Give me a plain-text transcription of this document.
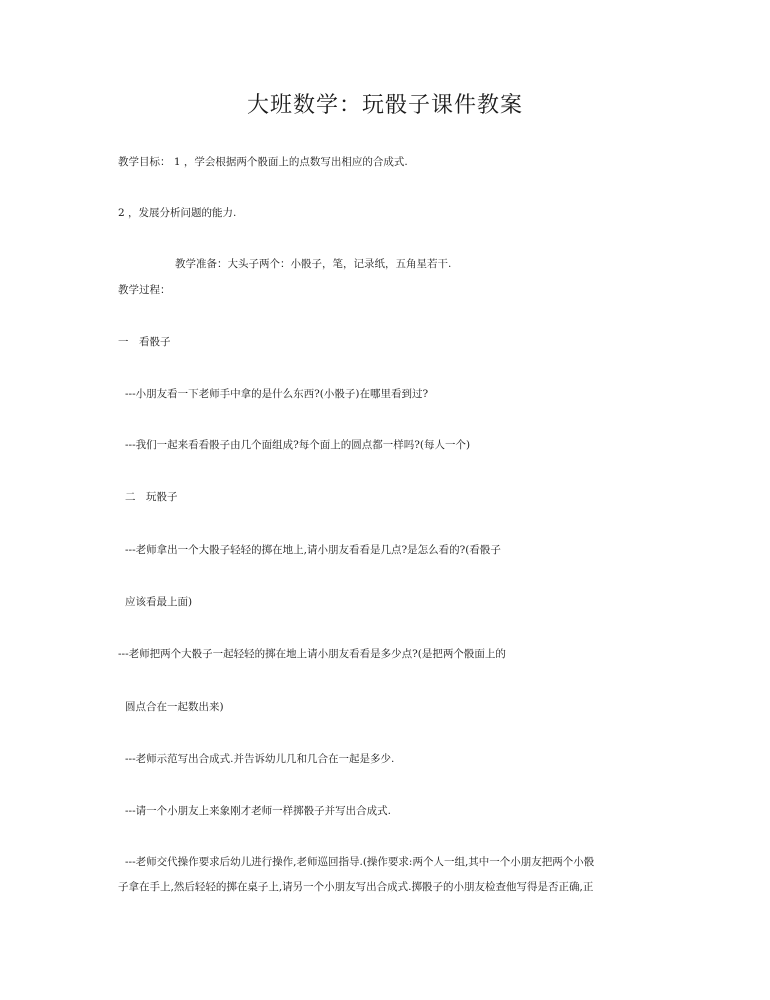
大班数学：玩骰子课件教案
教学目标： 1 ，学会根据两个骰面上的点数写出相应的合成式.
2 ，发展分析问题的能力.
教学准备：大头子两个：小骰子，笔，记录纸，五角星若干.
教学过程：
一　看骰子
---小朋友看一下老师手中拿的是什么东西?(小骰子)在哪里看到过?
---我们一起来看看骰子由几个面组成?每个面上的圆点都一样吗?(每人一个)
二　玩骰子
---老师拿出一个大骰子轻轻的掷在地上,请小朋友看看是几点?是怎么看的?(看骰子
应该看最上面)
---老师把两个大骰子一起轻轻的掷在地上请小朋友看看是多少点?(是把两个骰面上的
圆点合在一起数出来)
---老师示范写出合成式.并告诉幼儿几和几合在一起是多少.
---请一个小朋友上来象刚才老师一样掷骰子并写出合成式.
---老师交代操作要求后幼儿进行操作,老师巡回指导.(操作要求:两个人一组,其中一个小朋友把两个小骰
子拿在手上,然后轻轻的掷在桌子上,请另一个小朋友写出合成式.掷骰子的小朋友检查他写得是否正确,正
